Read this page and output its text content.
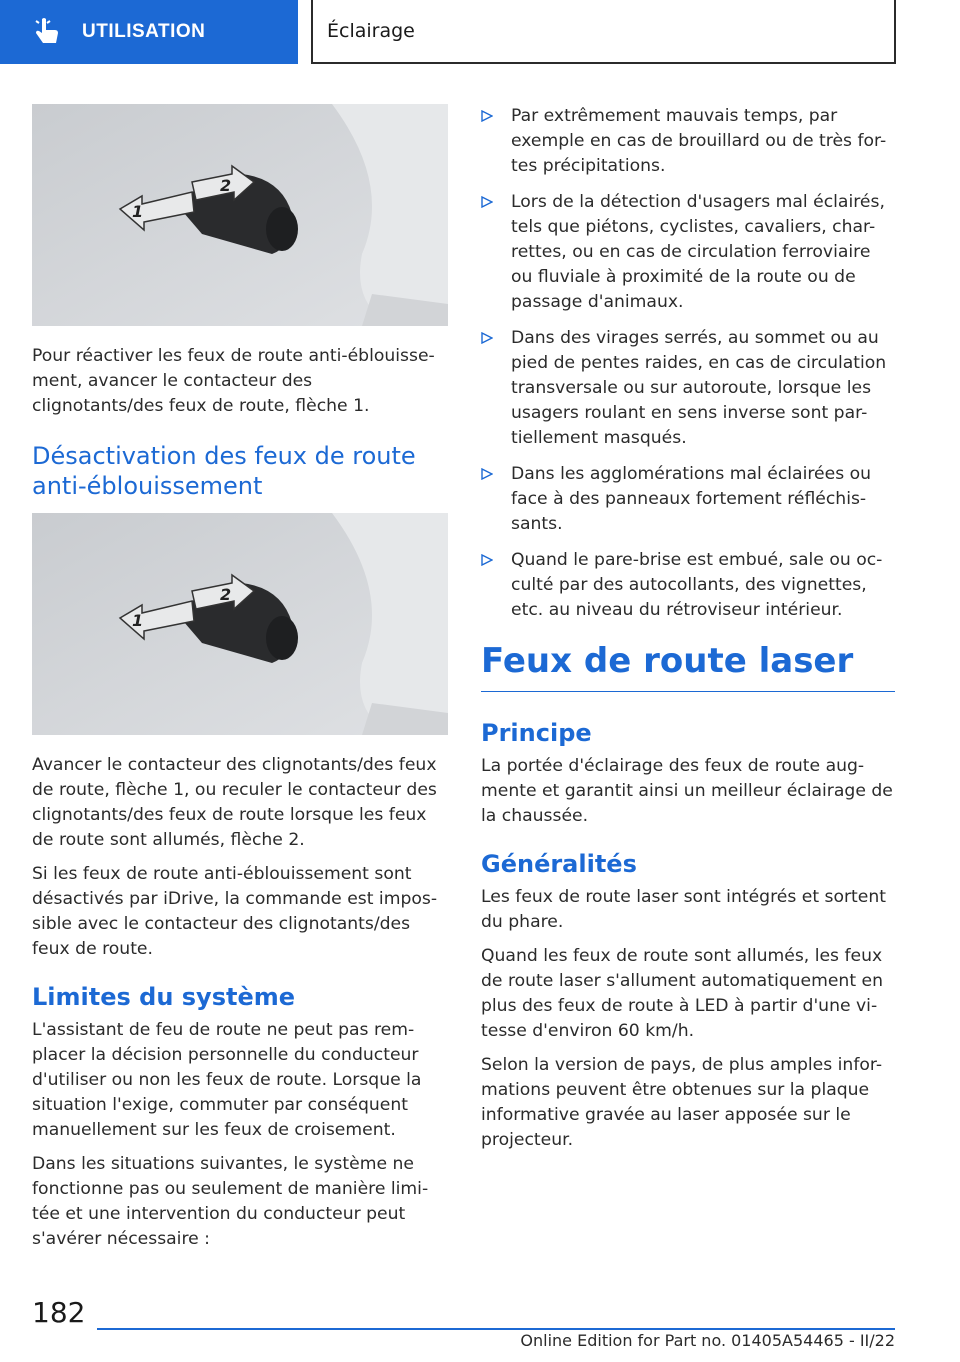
UTILISATION	Éclairage
1
2

Pour réactiver les feux de route anti-éblouisse-ment, avancer le contacteur des clignotants/des feux de route, flèche 1.

Désactivation des feux de route anti-éblouissement
1
2

Avancer le contacteur des clignotants/des feux de route, flèche 1, ou reculer le contacteur des clignotants/des feux de route lorsque les feux de route sont allumés, flèche 2.

Si les feux de route anti-éblouissement sont désactivés par iDrive, la commande est impos-sible avec le contacteur des clignotants/des feux de route.

Limites du système

L'assistant de feu de route ne peut pas rem-placer la décision personnelle du conducteur d'utiliser ou non les feux de route. Lorsque la situation l'exige, commuter par conséquent manuellement sur les feux de croisement.

Dans les situations suivantes, le système ne fonctionne pas ou seulement de manière limi-tée et une intervention du conducteur peut s'avérer nécessaire :

Par extrêmement mauvais temps, par exemple en cas de brouillard ou de très for-tes précipitations.
Lors de la détection d'usagers mal éclairés, tels que piétons, cyclistes, cavaliers, char-rettes, ou en cas de circulation ferroviaire ou fluviale à proximité de la route ou de passage d'animaux.
Dans des virages serrés, au sommet ou au pied de pentes raides, en cas de circulation transversale ou sur autoroute, lorsque les usagers roulant en sens inverse sont par-tiellement masqués.
Dans les agglomérations mal éclairées ou face à des panneaux fortement réfléchis-sants.
Quand le pare-brise est embué, sale ou oc-culté par des autocollants, des vignettes, etc. au niveau du rétroviseur intérieur.
Feux de route laser
Principe

La portée d'éclairage des feux de route aug-mente et garantit ainsi un meilleur éclairage de la chaussée.

Généralités

Les feux de route laser sont intégrés et sortent du phare.

Quand les feux de route sont allumés, les feux de route laser s'allument automatiquement en plus des feux de route à LED à partir d'une vi-tesse d'environ 60 km/h.

Selon la version de pays, de plus amples infor-mations peuvent être obtenues sur la plaque informative gravée au laser apposée sur le projecteur.

182
Online Edition for Part no. 01405A54465 - II/22
